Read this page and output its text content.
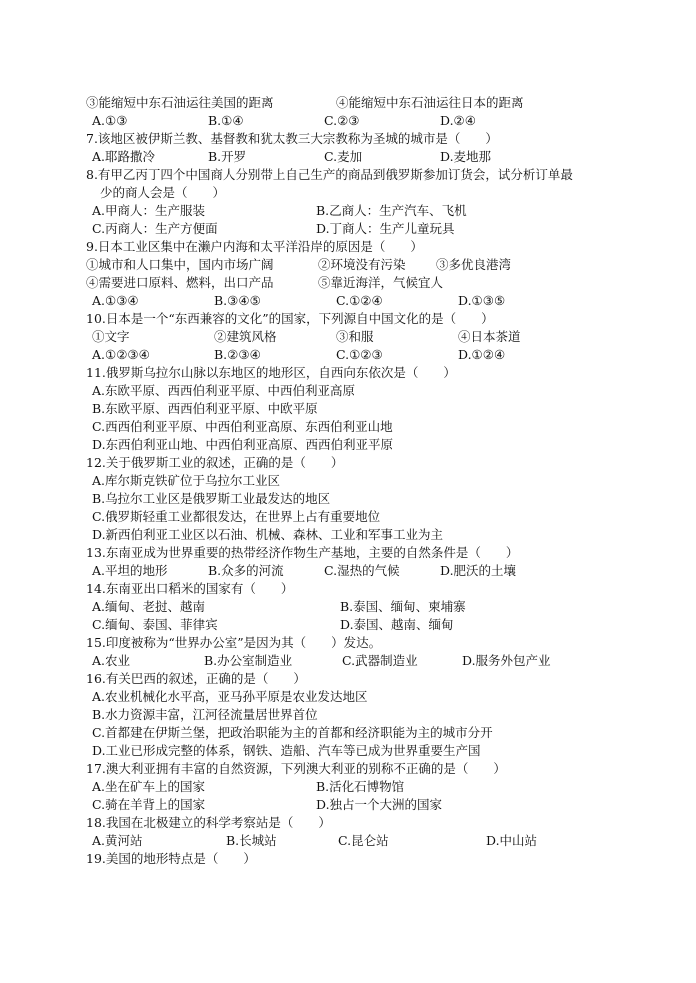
③能缩短中东石油运往美国的距离	④能缩短中东石油运往日本的距离
A.①③	B.①④	C.②③	D.②④
7.该地区被伊斯兰教、基督教和犹太教三大宗教称为圣城的城市是（　　）
A.耶路撒冷	B.开罗	C.麦加	D.麦地那
8.有甲乙丙丁四个中国商人分别带上自己生产的商品到俄罗斯参加订货会，试分析订单最
少的商人会是（　　）
A.甲商人：生产服装	B.乙商人：生产汽车、飞机
C.丙商人：生产方便面	D.丁商人：生产儿童玩具
9.日本工业区集中在濑户内海和太平洋沿岸的原因是（　　）
①城市和人口集中，国内市场广阔	②环境没有污染	③多优良港湾
④需要进口原料、燃料，出口产品	⑤靠近海洋，气候宜人
A.①③④	B.③④⑤	C.①②④	D.①③⑤
10.日本是一个“东西兼容的文化”的国家，下列源自中国文化的是（　　）
①文字	②建筑风格	③和服	④日本茶道
A.①②③④	B.②③④	C.①②③	D.①②④
11.俄罗斯乌拉尔山脉以东地区的地形区，自西向东依次是（　　）
A.东欧平原、西西伯利亚平原、中西伯利亚高原
B.东欧平原、西西伯利亚平原、中欧平原
C.西西伯利亚平原、中西伯利亚高原、东西伯利亚山地
D.东西伯利亚山地、中西伯利亚高原、西西伯利亚平原
12.关于俄罗斯工业的叙述，正确的是（　　）
A.库尔斯克铁矿位于乌拉尔工业区
B.乌拉尔工业区是俄罗斯工业最发达的地区
C.俄罗斯轻重工业都很发达，在世界上占有重要地位
D.新西伯利亚工业区以石油、机械、森林、工业和军事工业为主
13.东南亚成为世界重要的热带经济作物生产基地，主要的自然条件是（　　）
A.平坦的地形	B.众多的河流	C.湿热的气候	D.肥沃的土壤
14.东南亚出口稻米的国家有（　　）
A.缅甸、老挝、越南	B.泰国、缅甸、柬埔寨
C.缅甸、泰国、菲律宾	D.泰国、越南、缅甸
15.印度被称为“世界办公室”是因为其（　　）发达。
A.农业	B.办公室制造业	C.武器制造业	D.服务外包产业
16.有关巴西的叙述，正确的是（　　）
A.农业机械化水平高，亚马孙平原是农业发达地区
B.水力资源丰富，江河径流量居世界首位
C.首都建在伊斯兰堡，把政治职能为主的首都和经济职能为主的城市分开
D.工业已形成完整的体系，钢铁、造船、汽车等已成为世界重要生产国
17.澳大利亚拥有丰富的自然资源，下列澳大利亚的别称不正确的是（　　）
A.坐在矿车上的国家	B.活化石博物馆
C.骑在羊背上的国家	D.独占一个大洲的国家
18.我国在北极建立的科学考察站是（　　）
A.黄河站	B.长城站	C.昆仑站	D.中山站
19.美国的地形特点是（　　）
